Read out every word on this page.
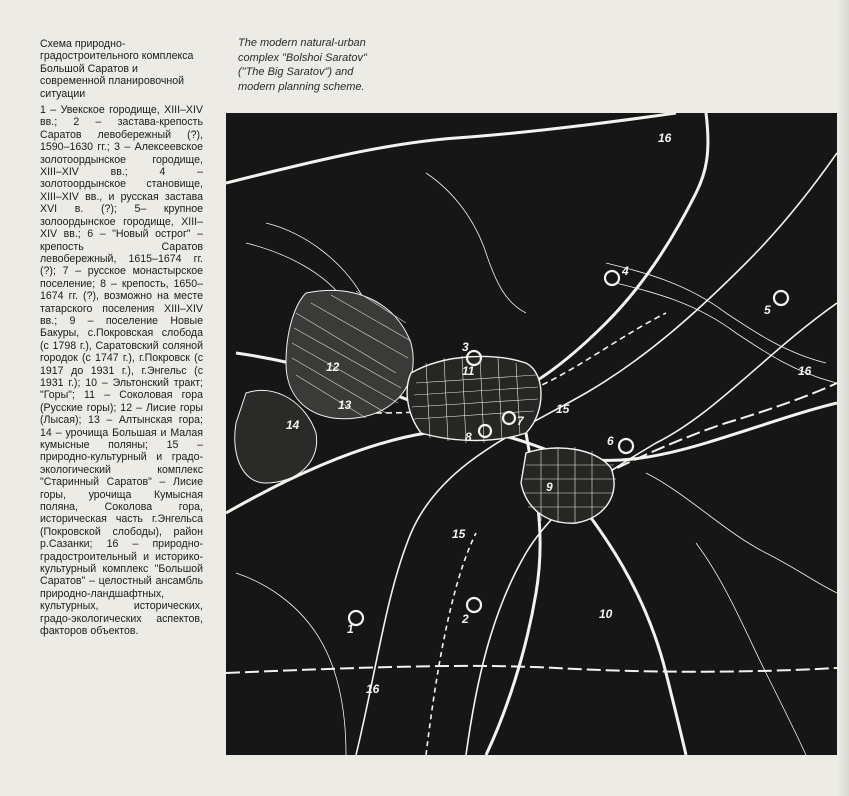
Схема природно-градостроительного комплекса Большой Саратов и современной планировочной ситуации

1 – Увекское городище, XIII–XIV вв.; 2 – застава-крепость Саратов левобережный (?), 1590–1630 гг.; 3 – Алексеевское золотоордынское городище, XIII–XIV вв.; 4 – золотоордынское становище, XIII–XIV вв., и русская застава XVI в. (?); 5– крупное золоордынское городище, XIII–XIV вв.; 6 – "Новый острог" – крепость Саратов левобережный, 1615–1674 гг. (?); 7 – русское монастырское поселение; 8 – крепость, 1650–1674 гг. (?), возможно на месте татарского поселения XIII–XIV вв.; 9 – поселение Новые Бакуры, с.Покровская слобода (с 1798 г.), Саратовский соляной городок (с 1747 г.), г.Покровск (с 1917 до 1931 г.), г.Энгельс (с 1931 г.); 10 – Эльтонский тракт; "Горы"; 11 – Соколовая гора (Русские горы); 12 – Лисие горы (Лысая); 13 – Алтынская гора; 14 – урочища Большая и Малая кумысные поляны; 15 – природно-культурный и градо-экологический комплекс "Старинный Саратов" – Лисие горы, урочища Кумысная поляна, Соколова гора, историческая часть г.Энгельса (Покровской слободы), район р.Сазанки; 16 – природно-градостроительный и историко-культурный комплекс "Большой Саратов" – целостный ансамбль природно-ландшафтных, культурных, исторических, градо-экологических аспектов, факторов объектов.

The modern natural-urban
complex "Bolshoi Saratov"
("The Big Saratov") and
modern planning scheme.
1
2
3
4
5
6
7
8
9
10
11
12
13
14
15
15
16
16
16
